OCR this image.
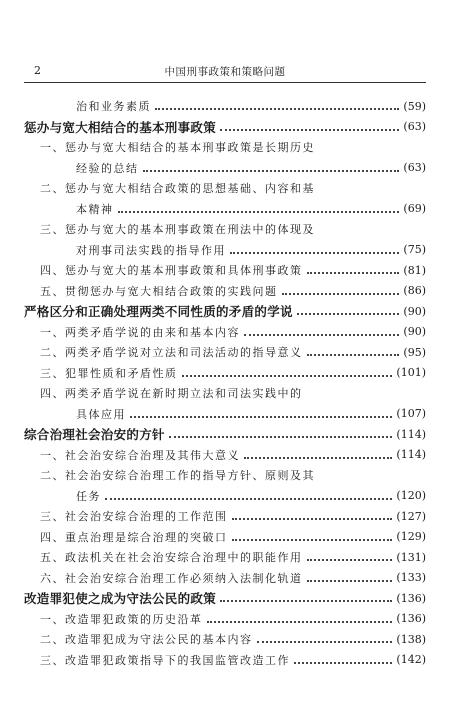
2	中国刑事政策和策略问题
治和业务素质	(59)
惩办与宽大相结合的基本刑事政策	(63)
一、惩办与宽大相结合的基本刑事政策是长期历史
经验的总结	(63)
二、惩办与宽大相结合政策的思想基础、内容和基
本精神	(69)
三、惩办与宽大的基本刑事政策在刑法中的体现及
对刑事司法实践的指导作用	(75)
四、惩办与宽大的基本刑事政策和具体刑事政策	(81)
五、贯彻惩办与宽大相结合政策的实践问题	(86)
严格区分和正确处理两类不同性质的矛盾的学说	(90)
一、两类矛盾学说的由来和基本内容	(90)
二、两类矛盾学说对立法和司法活动的指导意义	(95)
三、犯罪性质和矛盾性质	(101)
四、两类矛盾学说在新时期立法和司法实践中的
具体应用	(107)
综合治理社会治安的方针	(114)
一、社会治安综合治理及其伟大意义	(114)
二、社会治安综合治理工作的指导方针、原则及其
任务	(120)
三、社会治安综合治理的工作范围	(127)
四、重点治理是综合治理的突破口	(129)
五、政法机关在社会治安综合治理中的职能作用	(131)
六、社会治安综合治理工作必须纳入法制化轨道	(133)
改造罪犯使之成为守法公民的政策	(136)
一、改造罪犯政策的历史沿革	(136)
二、改造罪犯成为守法公民的基本内容	(138)
三、改造罪犯政策指导下的我国监管改造工作	(142)
